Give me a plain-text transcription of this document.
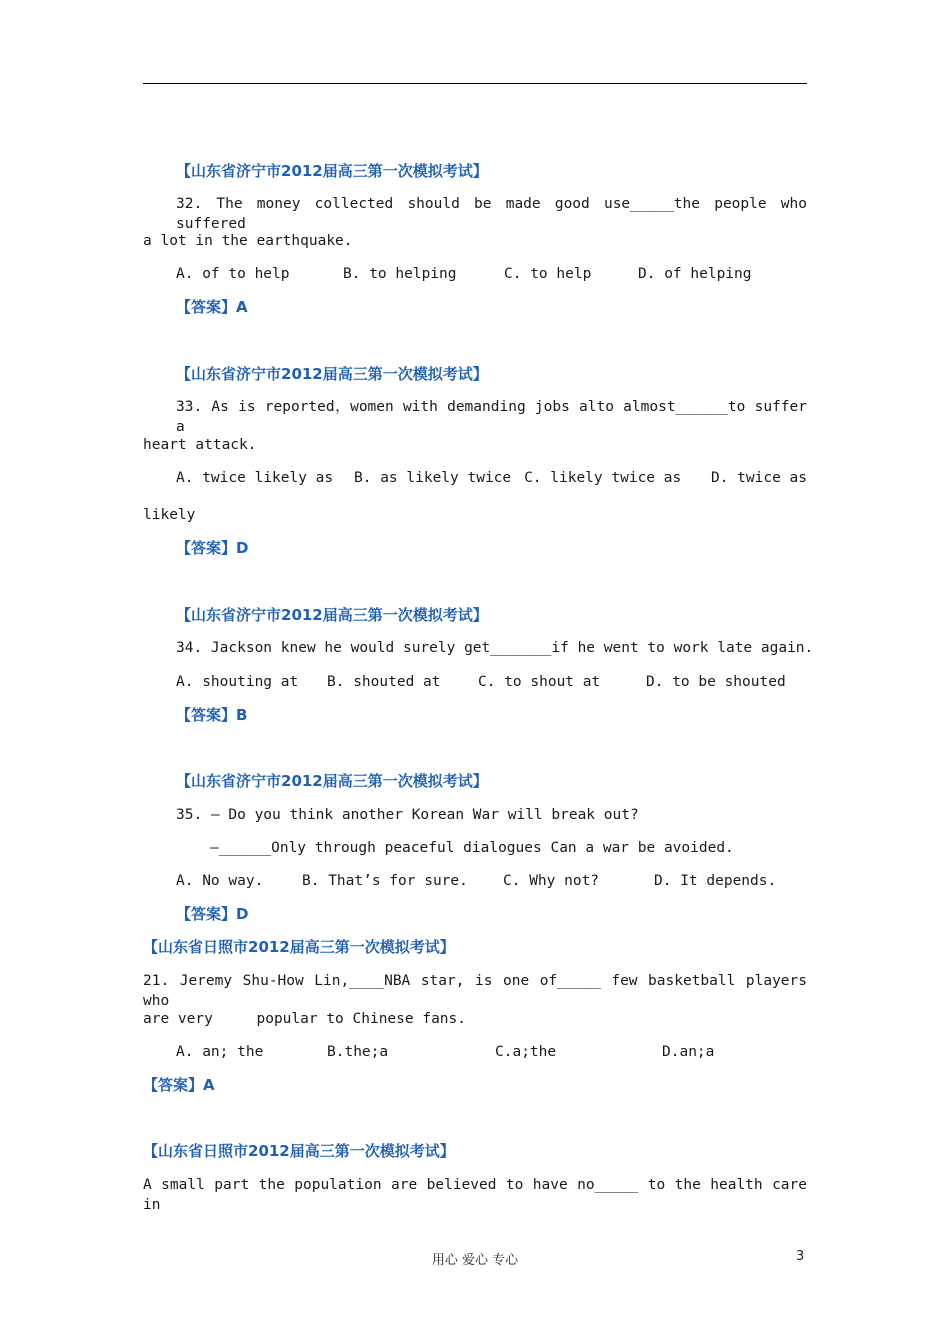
【山东省济宁市2012届高三第一次模拟考试】
32. The money collected should be made good use_____the people who suffered
a lot in the earthquake.
A. of to help	B. to helping	C. to help	D. of helping
【答案】A
【山东省济宁市2012届高三第一次模拟考试】
33. As is reported，women with demanding jobs alto almost______to suffer a
heart attack.
A. twice likely as	B. as likely twice C. likely twice as	D. twice as
likely
【答案】D
【山东省济宁市2012届高三第一次模拟考试】
34. Jackson knew he would surely get_______if he went to work late again.
A. shouting at	B. shouted at	C. to shout at	D. to be shouted
【答案】B
【山东省济宁市2012届高三第一次模拟考试】
35. — Do you think another Korean War will break out?
—______Only through peaceful dialogues Can a war be avoided.
A. No way.	B. That’s for sure.	C. Why not?	D. It depends.
【答案】D
【山东省日照市2012届高三第一次模拟考试】
21. Jeremy Shu-How Lin,____NBA star, is one of_____ few basketball players who
are very     popular to Chinese fans.
A. an; the	B.the;a	C.a;the	D.an;a
【答案】A
【山东省日照市2012届高三第一次模拟考试】
A small part the population are believed to have no_____ to the health care in
用心 爱心 专心	3
